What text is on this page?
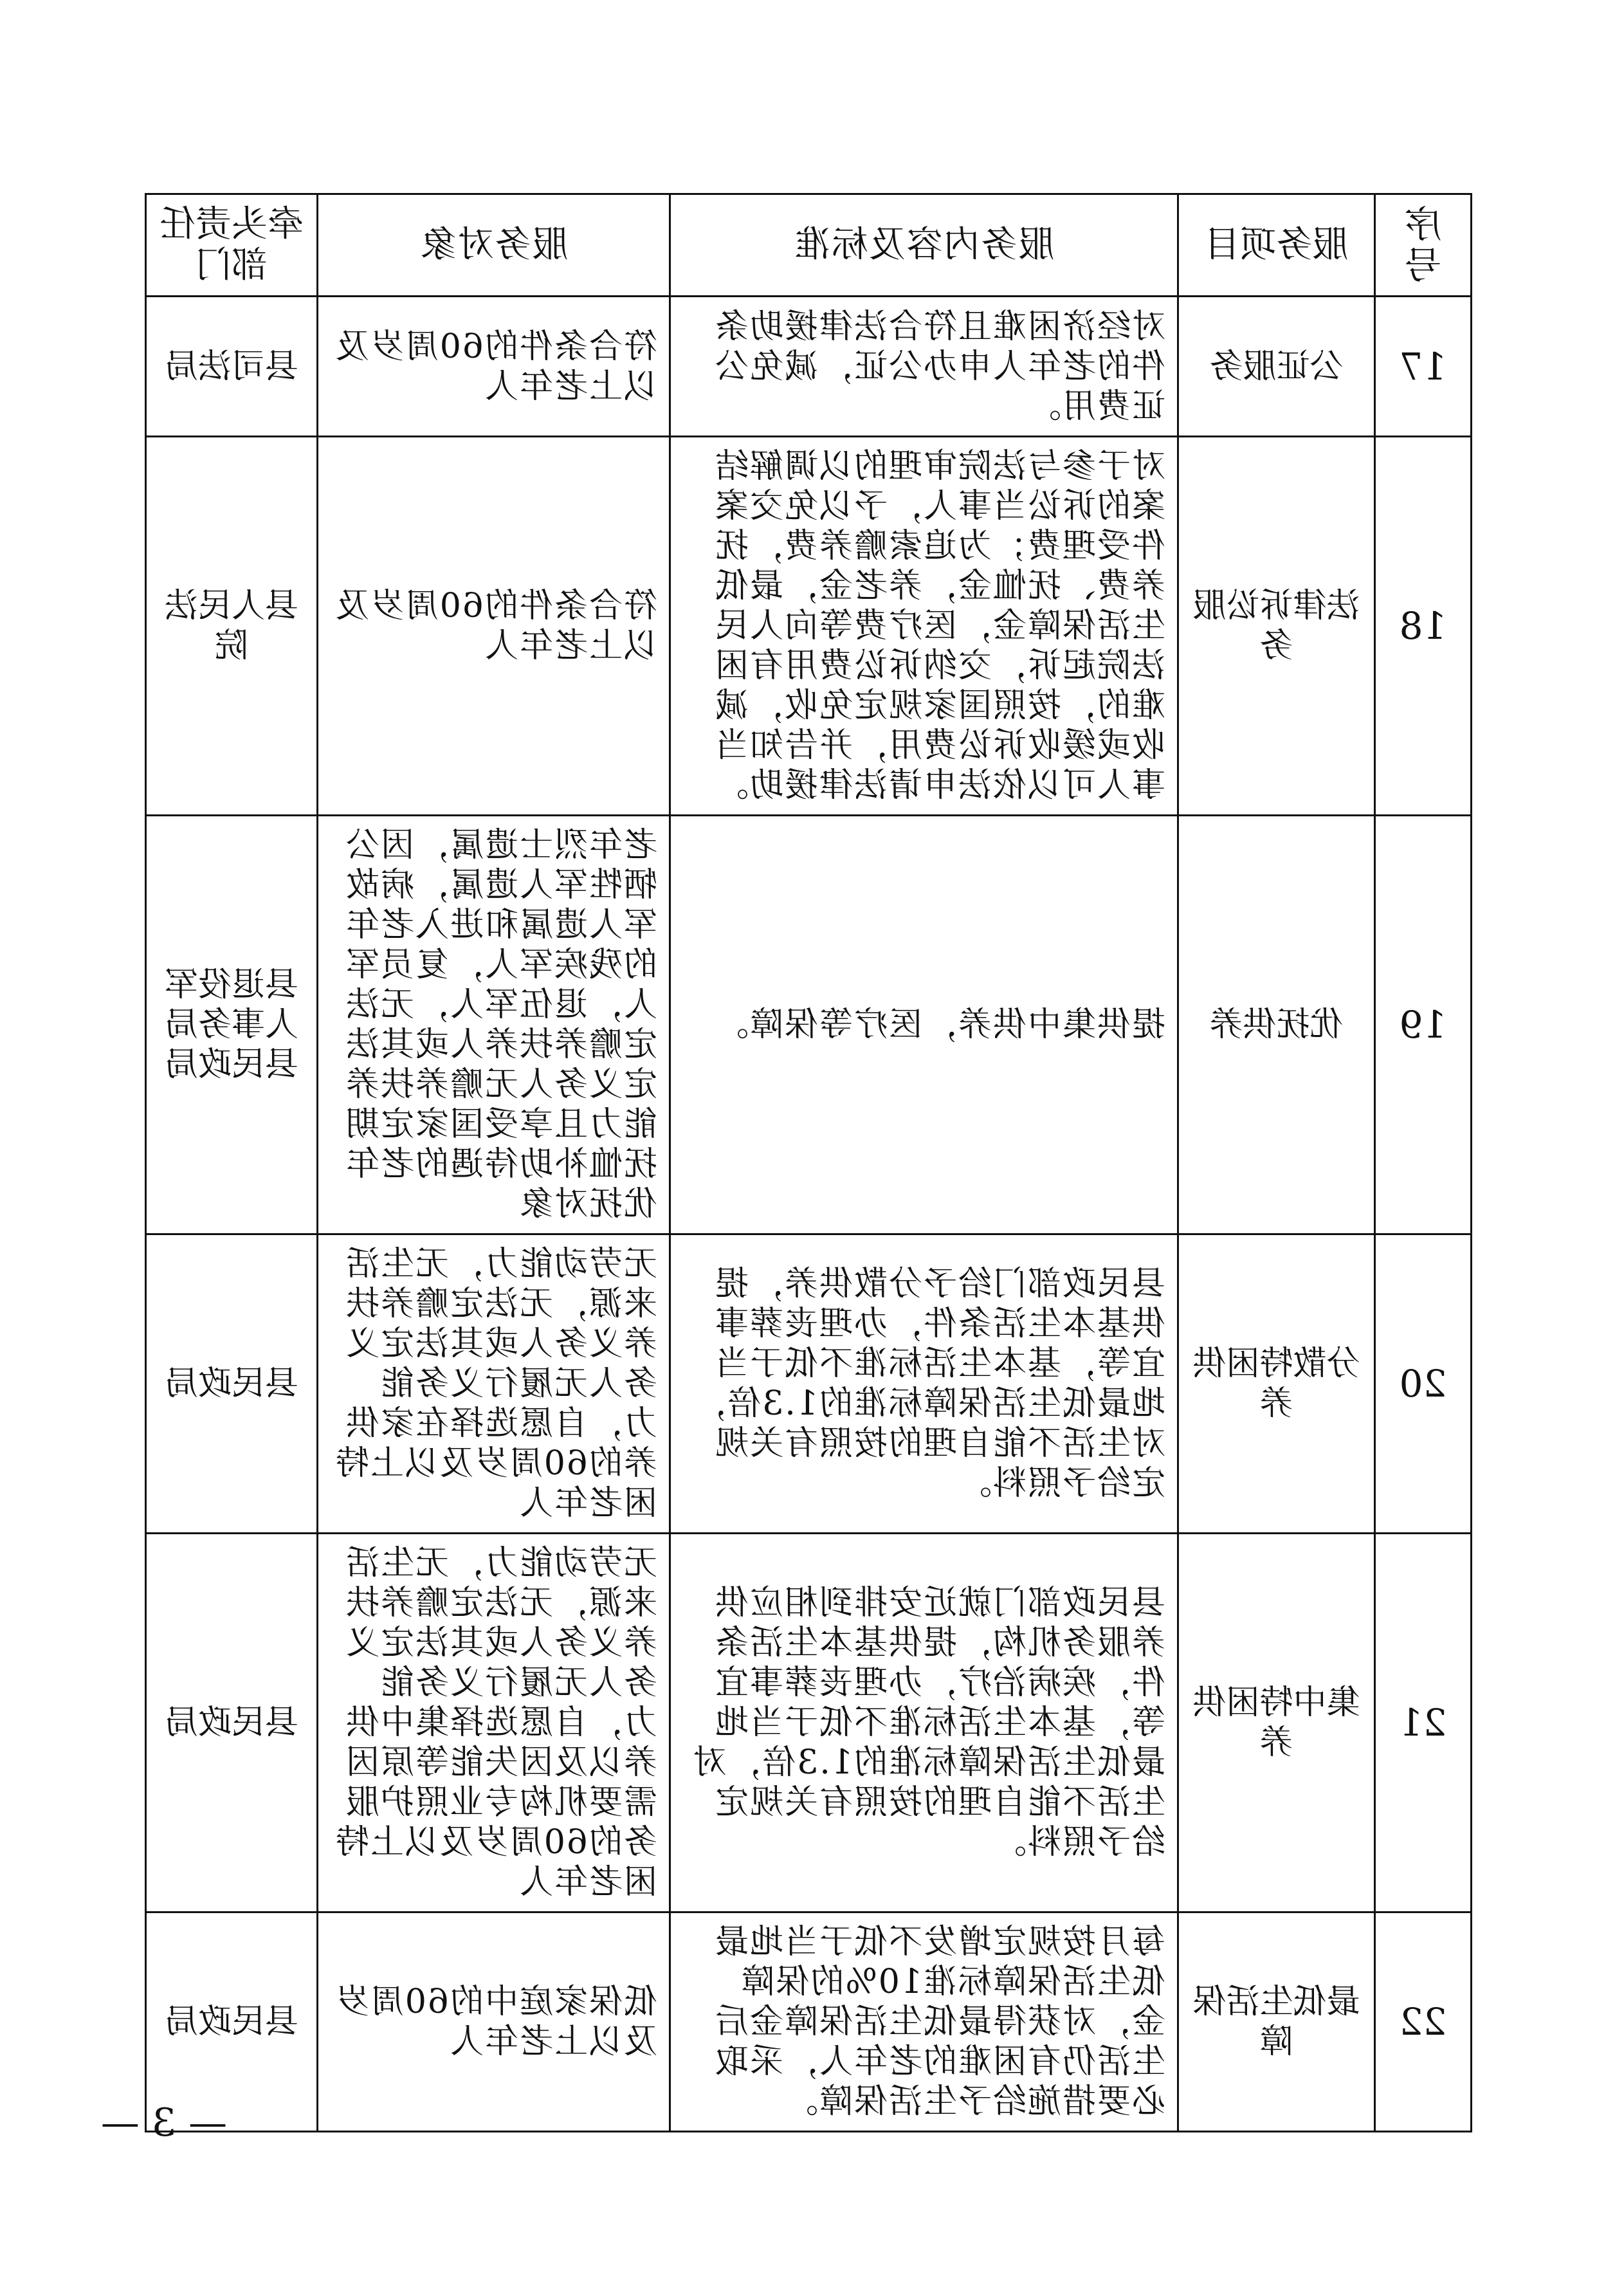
序号	服务项目	服务内容及标准	服务对象	牵头责任部门
17	公证服务	对经济困难且符合法律援助条件的老年人申办公证，减免公证费用。	符合条件的60周岁及以上老年人	县司法局
18	法律诉讼服务	对于参与法院审理的以调解结案的诉讼当事人，予以免交案件受理费；为追索赡养费，抚养费、抚恤金，养老金，最低生活保障金，医疗费等向人民法院起诉，交纳诉讼费用有困难的，按照国家规定免收，减收或缓收诉讼费用，并告知当事人可以依法申请法律援助。	符合条件的60周岁及以上老年人	县人民法院
19	优抚供养	提供集中供养，医疗等保障。	老年烈士遗属，因公牺牲军人遗属，病故军人遗属和进入老年的残疾军人，复员军人，退伍军人，无法定赡养扶养人或其法定义务人无赡养扶养能力且享受国家定期抚恤补助待遇的老年优抚对象	县退役军人事务局县民政局
20	分散特困供养	县民政部门给予分散供养，提供基本生活条件，办理丧葬事宜等，基本生活标准不低于当地最低生活保障标准的1.3倍，对生活不能自理的按照有关规定给予照料。	无劳动能力，无生活来源，无法定赡养扶养义务人或其法定义务人无履行义务能力，自愿选择在家供养的60周岁及以上特困老年人	县民政局
21	集中特困供养	县民政部门就近安排到相应供养服务机构，提供基本生活条件，疾病治疗，办理丧葬事宜等，基本生活标准不低于当地最低生活保障标准的1.3倍，对生活不能自理的按照有关规定给予照料。	无劳动能力，无生活来源，无法定赡养扶养义务人或其法定义务人无履行义务能力，自愿选择集中供养以及因失能等原因需要机构专业照护服务的60周岁及以上特困老年人	县民政局
22	最低生活保障	每月按规定增发不低于当地最低生活保障标准10%的保障金，对获得最低生活保障金后生活仍有困难的老年人，采取必要措施给予生活保障。	低保家庭中的60周岁及以上老年人	县民政局
— 3 —
